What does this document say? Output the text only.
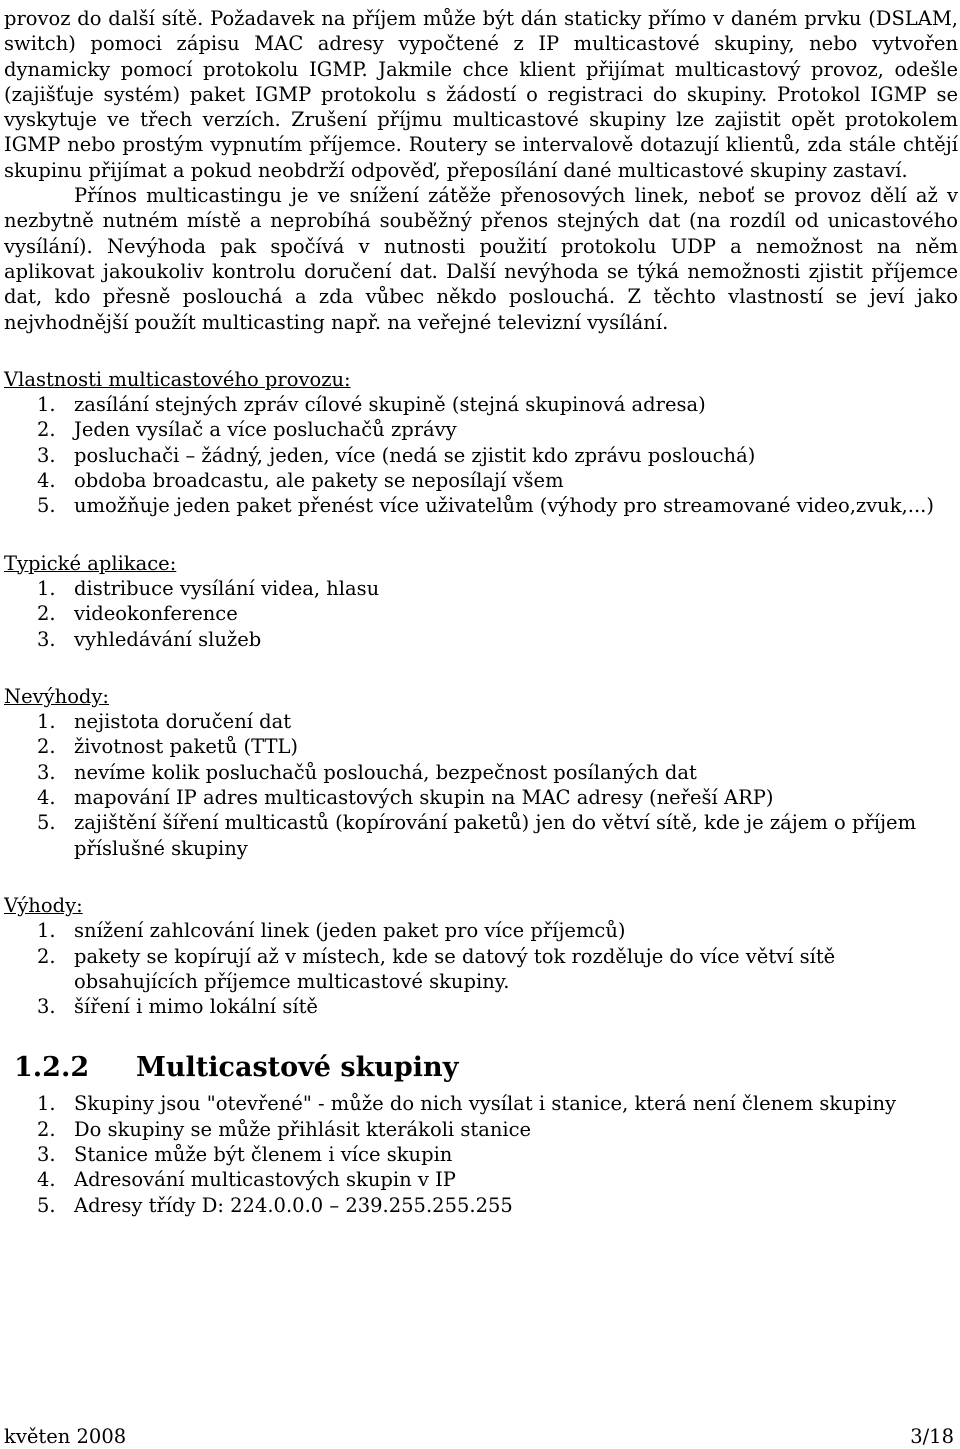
provoz do další sítě. Požadavek na příjem může být dán staticky přímo v daném prvku (DSLAM, switch) pomoci zápisu MAC adresy vypočtené z IP multicastové skupiny, nebo vytvořen dynamicky pomocí protokolu IGMP. Jakmile chce klient přijímat multicastový provoz, odešle (zajišťuje systém) paket IGMP protokolu s žádostí o registraci do skupiny. Protokol IGMP se vyskytuje ve třech verzích. Zrušení příjmu multicastové skupiny lze zajistit opět protokolem IGMP nebo prostým vypnutím příjemce. Routery se intervalově dotazují klientů, zda stále chtějí skupinu přijímat a pokud neobdrží odpověď, přeposílání dané multicastové skupiny zastaví.

Přínos multicastingu je ve snížení zátěže přenosových linek, neboť se provoz dělí až v nezbytně nutném místě a neprobíhá souběžný přenos stejných dat (na rozdíl od unicastového vysílání). Nevýhoda pak spočívá v nutnosti použití protokolu UDP a nemožnost na něm aplikovat jakoukoliv kontrolu doručení dat. Další nevýhoda se týká nemožnosti zjistit příjemce dat, kdo přesně poslouchá a zda vůbec někdo poslouchá. Z těchto vlastností se jeví jako nejvhodnější použít multicasting např. na veřejné televizní vysílání.

Vlastnosti multicastového provozu:
1. zasílání stejných zpráv cílové skupině (stejná skupinová adresa)
2. Jeden vysílač a více posluchačů zprávy
3. posluchači – žádný, jeden, více (nedá se zjistit kdo zprávu poslouchá)
4. obdoba broadcastu, ale pakety se neposílají všem
5. umožňuje jeden paket přenést více uživatelům (výhody pro streamované video,zvuk,...)
Typické aplikace:
1. distribuce vysílání videa, hlasu
2. videokonference
3. vyhledávání služeb
Nevýhody:
1. nejistota doručení dat
2. životnost paketů (TTL)
3. nevíme kolik posluchačů poslouchá, bezpečnost posílaných dat
4. mapování IP adres multicastových skupin na MAC adresy (neřeší ARP)
5. zajištění šíření multicastů (kopírování paketů) jen do větví sítě, kde je zájem o příjem příslušné skupiny
Výhody:
1. snížení zahlcování linek (jeden paket pro více příjemců)
2. pakety se kopírují až v místech, kde se datový tok rozděluje do více větví sítě obsahujících příjemce multicastové skupiny.
3. šíření i mimo lokální sítě
1.2.2 Multicastové skupiny
1. Skupiny jsou "otevřené" - může do nich vysílat i stanice, která není členem skupiny
2. Do skupiny se může přihlásit kterákoli stanice
3. Stanice může být členem i více skupin
4. Adresování multicastových skupin v IP
5. Adresy třídy D: 224.0.0.0 – 239.255.255.255
květen 2008	3/18
